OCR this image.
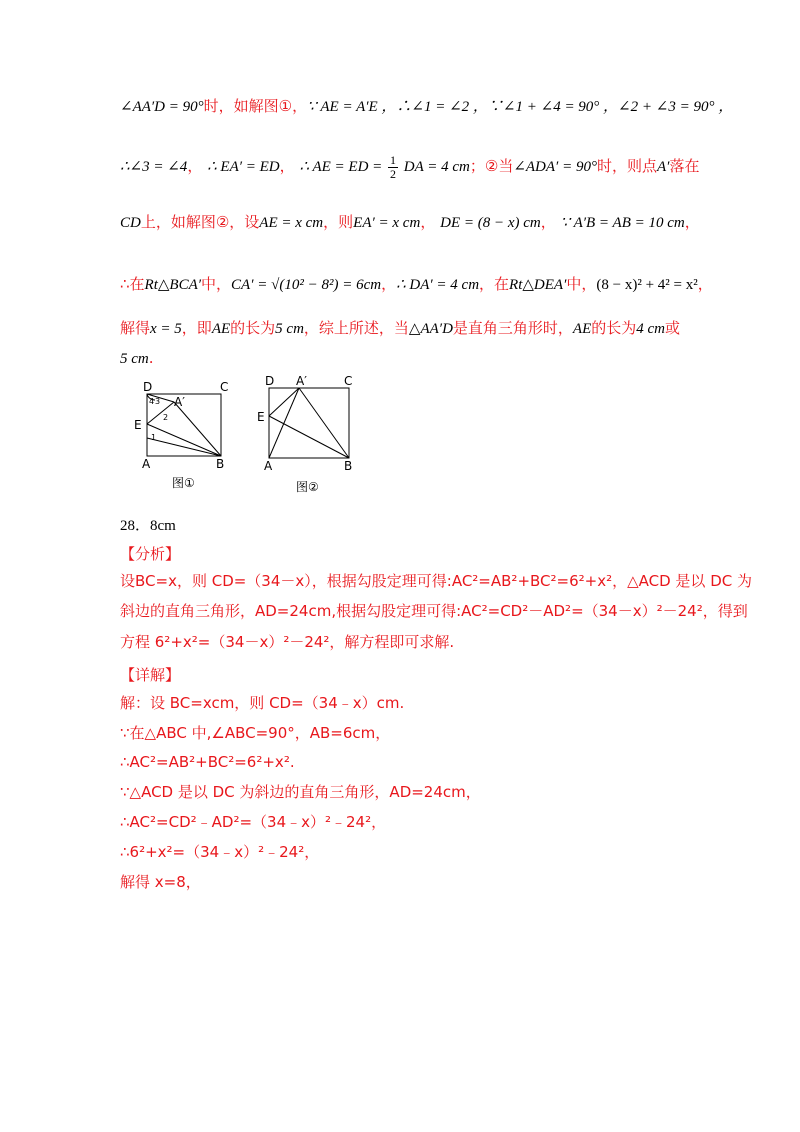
∠AA′D = 90°时，如解图①，∵ AE = A′E ，∴∠1 = ∠2 ，∵∠1 + ∠4 = 90° ，∠2 + ∠3 = 90° ，
∴∠3 = ∠4， ∴ EA′ = ED， ∴ AE = ED = $\frac{1}{2}$ DA = 4 cm；②当∠ADA′ = 90°时，则点A′落在
CD上，如解图②，设AE = x cm，则EA′ = x cm， DE = (8 − x) cm， ∵ A′B = AB = 10 cm，
∴在Rt△BCA′中，CA′ = √(10² − 8²) = 6cm，∴ DA′ = 4 cm，在Rt△DEA′中，(8 − x)² + 4² = x²，
解得x = 5，即AE的长为5 cm，综上所述，当△AA′D是直角三角形时，AE的长为4 cm或
5 cm.
D	C
A′
E
A	B
4 3
2
1
图①
D A′	C
E
A	B
图②
28．8cm
【分析】
设BC=x，则 CD=（34－x），根据勾股定理可得:AC²=AB²+BC²=6²+x²，△ACD 是以 DC 为
斜边的直角三角形，AD=24cm,根据勾股定理可得:AC²=CD²－AD²=（34－x）²－24²，得到
方程 6²+x²=（34－x）²－24²，解方程即可求解.
【详解】
解：设 BC=xcm，则 CD=（34﹣x）cm.
∵在△ABC 中,∠ABC=90°，AB=6cm，
∴AC²=AB²+BC²=6²+x².
∵△ACD 是以 DC 为斜边的直角三角形，AD=24cm，
∴AC²=CD²﹣AD²=（34﹣x）²﹣24²，
∴6²+x²=（34﹣x）²﹣24²，
解得 x=8，
